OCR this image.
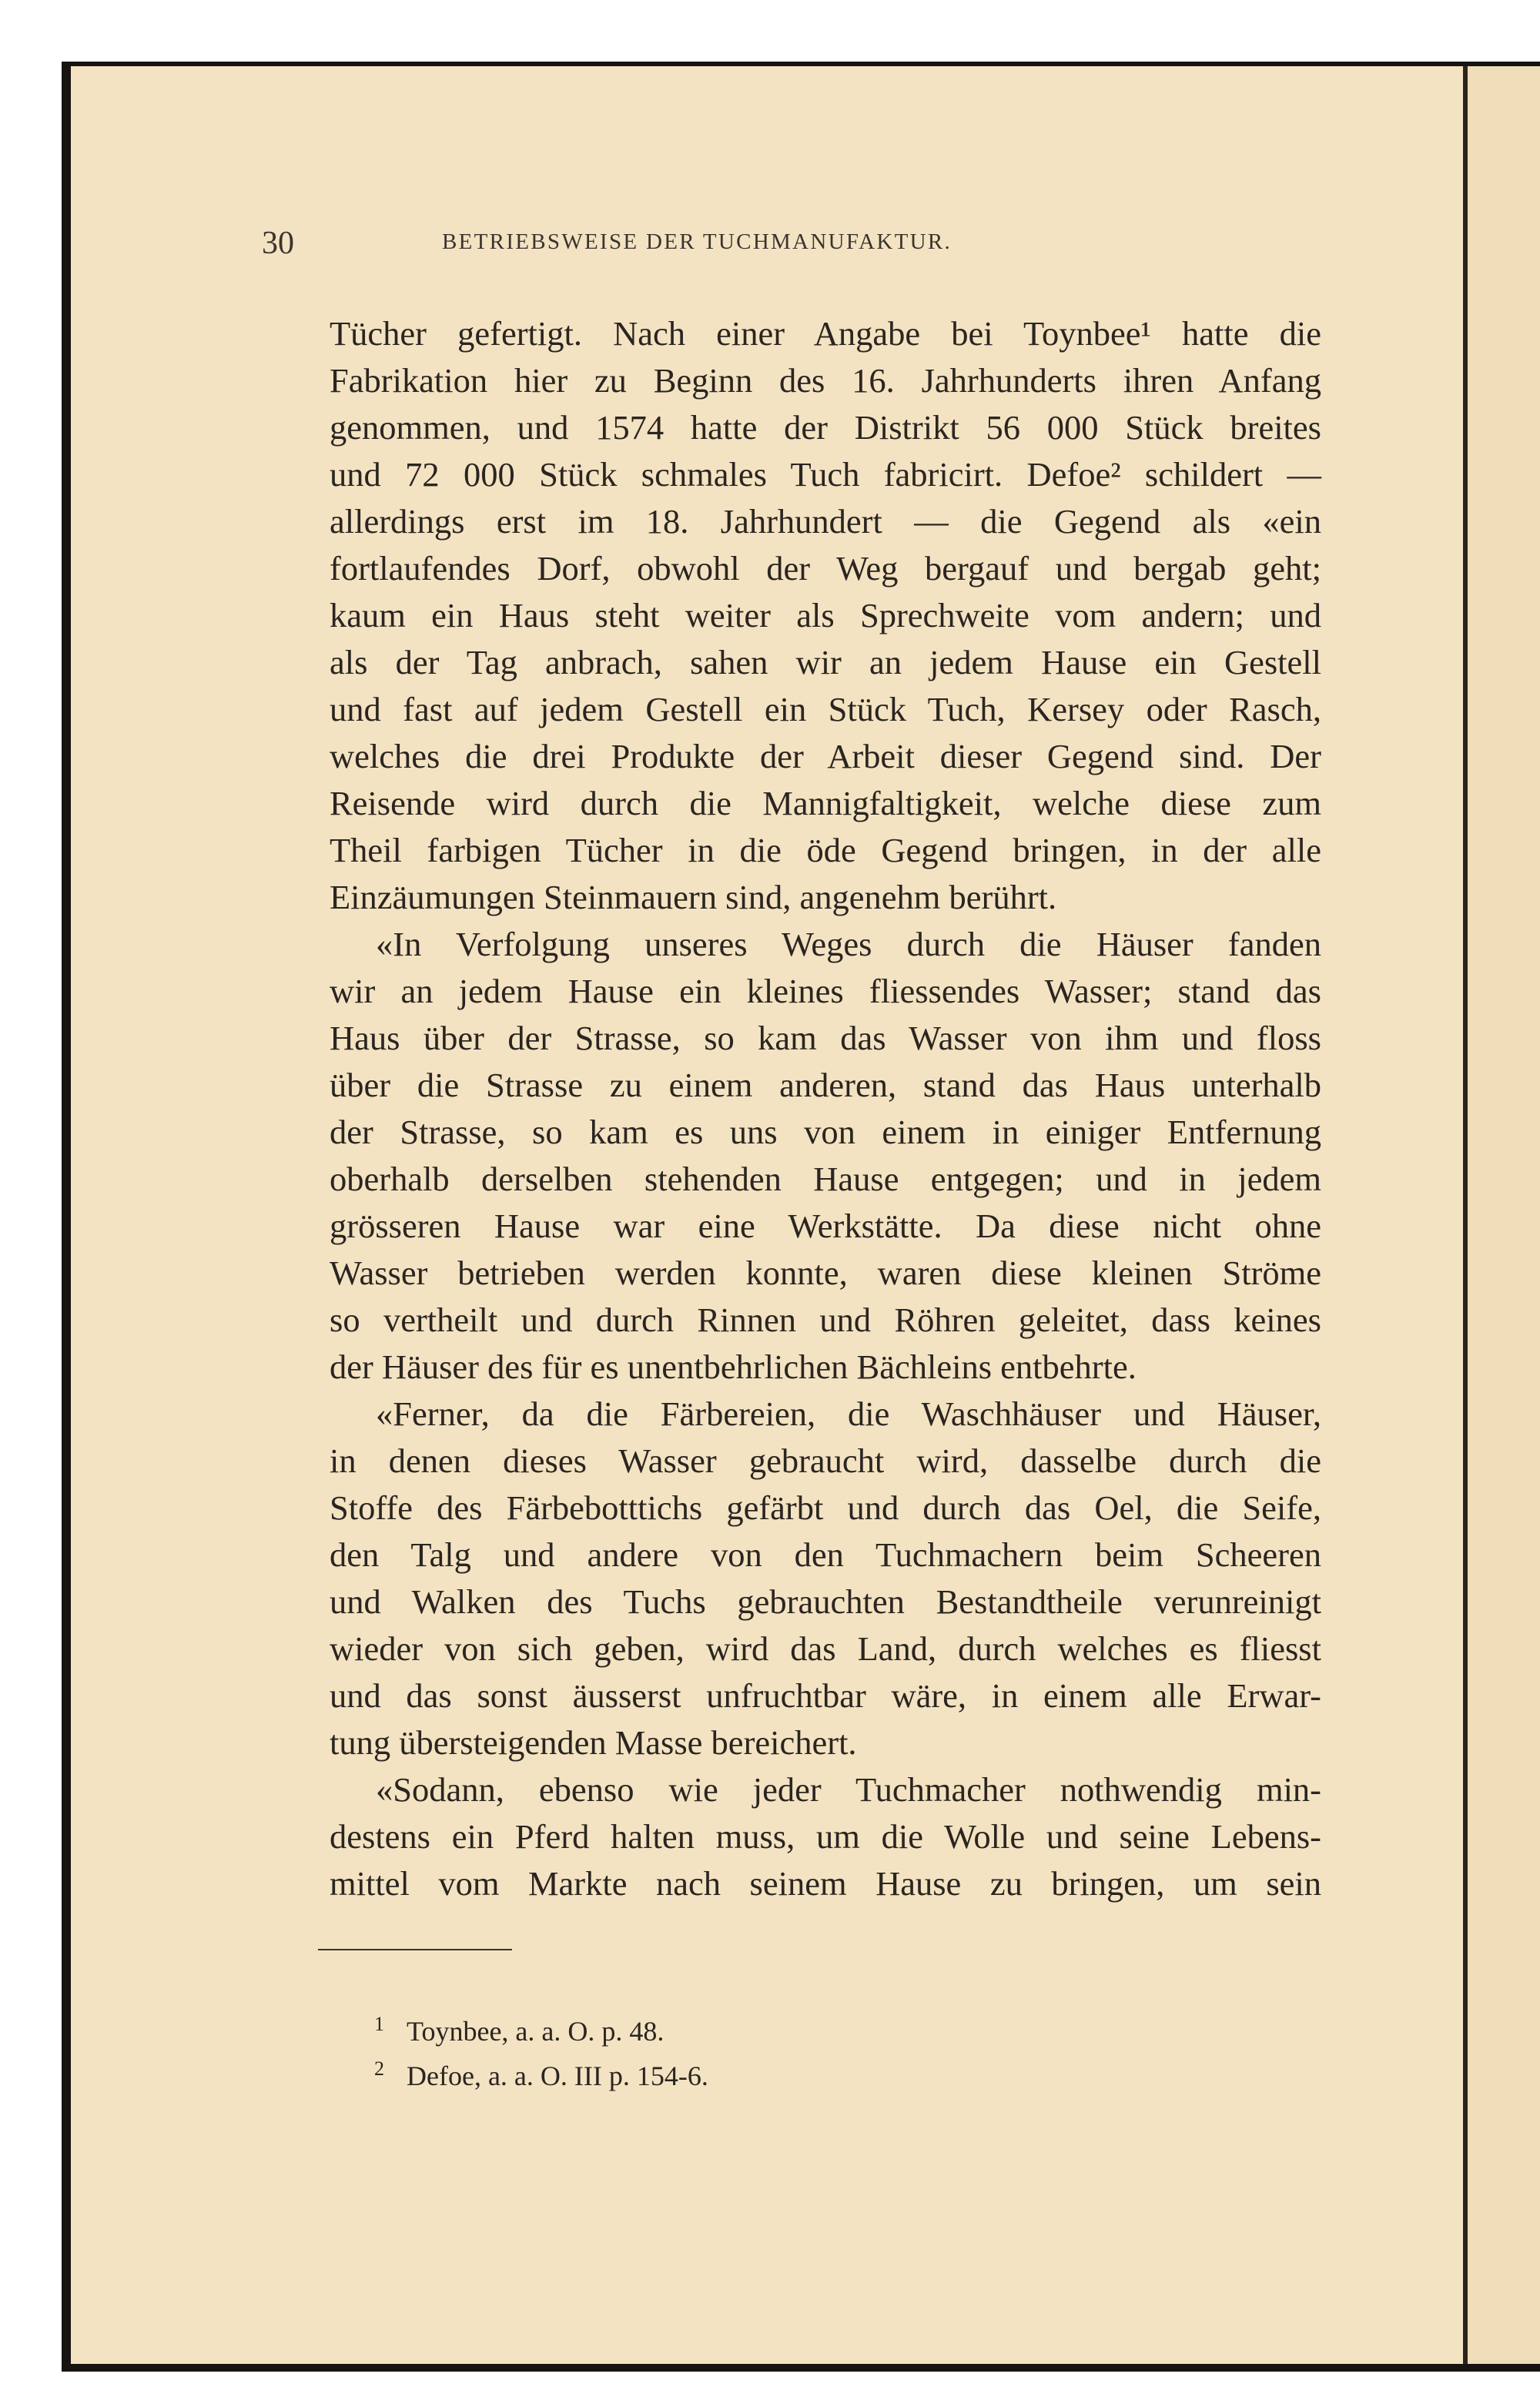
30	BETRIEBSWEISE DER TUCHMANUFAKTUR.
Tücher gefertigt. Nach einer Angabe bei Toynbee¹ hatte die
Fabrikation hier zu Beginn des 16. Jahrhunderts ihren Anfang
genommen, und 1574 hatte der Distrikt 56 000 Stück breites
und 72 000 Stück schmales Tuch fabricirt. Defoe² schildert —
allerdings erst im 18. Jahrhundert — die Gegend als «ein
fortlaufendes Dorf, obwohl der Weg bergauf und bergab geht;
kaum ein Haus steht weiter als Sprechweite vom andern; und
als der Tag anbrach, sahen wir an jedem Hause ein Gestell
und fast auf jedem Gestell ein Stück Tuch, Kersey oder Rasch,
welches die drei Produkte der Arbeit dieser Gegend sind. Der
Reisende wird durch die Mannigfaltigkeit, welche diese zum
Theil farbigen Tücher in die öde Gegend bringen, in der alle
Einzäumungen Steinmauern sind, angenehm berührt.
«In Verfolgung unseres Weges durch die Häuser fanden
wir an jedem Hause ein kleines fliessendes Wasser; stand das
Haus über der Strasse, so kam das Wasser von ihm und floss
über die Strasse zu einem anderen, stand das Haus unterhalb
der Strasse, so kam es uns von einem in einiger Entfernung
oberhalb derselben stehenden Hause entgegen; und in jedem
grösseren Hause war eine Werkstätte. Da diese nicht ohne
Wasser betrieben werden konnte, waren diese kleinen Ströme
so vertheilt und durch Rinnen und Röhren geleitet, dass keines
der Häuser des für es unentbehrlichen Bächleins entbehrte.
«Ferner, da die Färbereien, die Waschhäuser und Häuser,
in denen dieses Wasser gebraucht wird, dasselbe durch die
Stoffe des Färbebotttichs gefärbt und durch das Oel, die Seife,
den Talg und andere von den Tuchmachern beim Scheeren
und Walken des Tuchs gebrauchten Bestandtheile verunreinigt
wieder von sich geben, wird das Land, durch welches es fliesst
und das sonst äusserst unfruchtbar wäre, in einem alle Erwar-
tung übersteigenden Masse bereichert.
«Sodann, ebenso wie jeder Tuchmacher nothwendig min-
destens ein Pferd halten muss, um die Wolle und seine Lebens-
mittel vom Markte nach seinem Hause zu bringen, um sein
1 Toynbee, a. a. O. p. 48.
2 Defoe, a. a. O. III p. 154-6.
